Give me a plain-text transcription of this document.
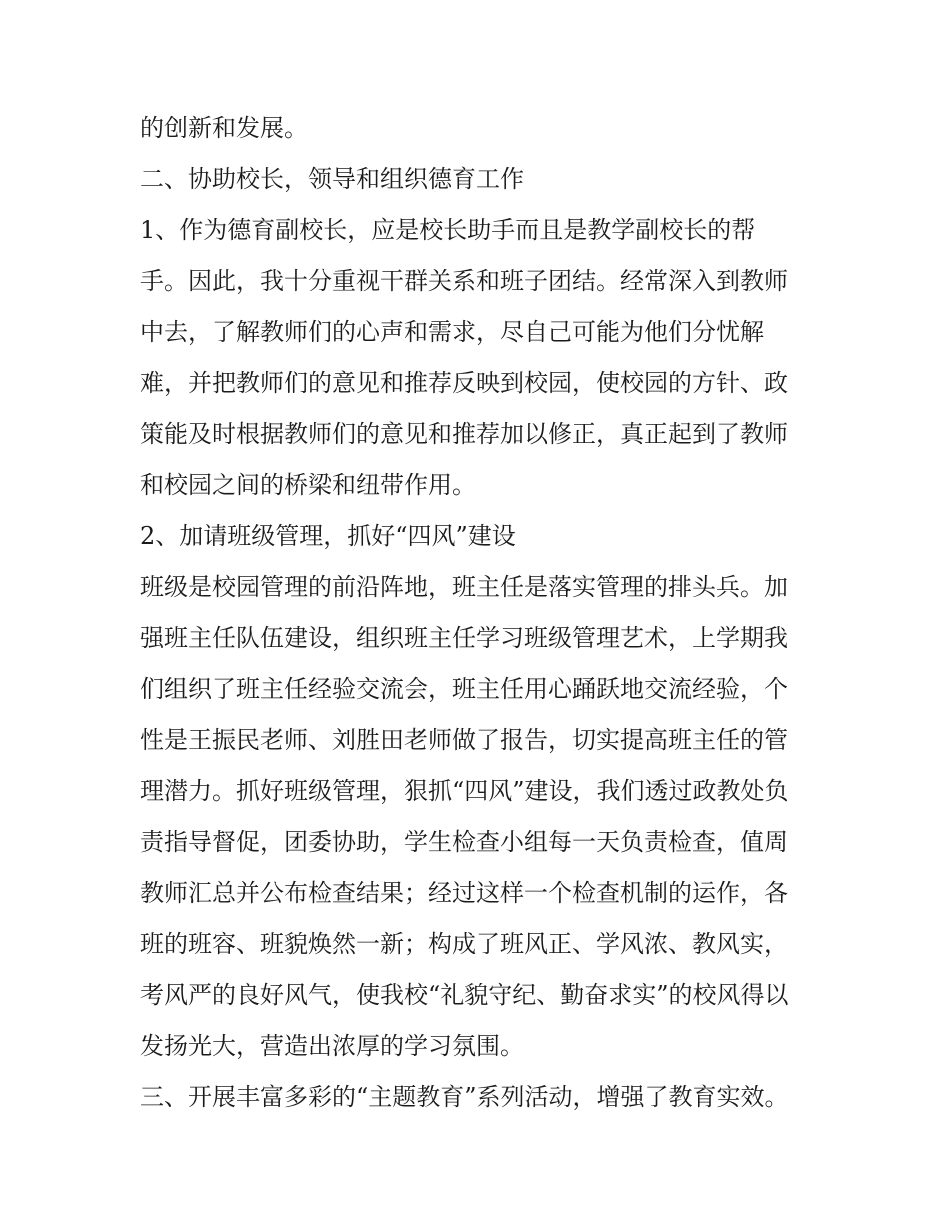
的创新和发展。
二、协助校长，领导和组织德育工作
1、作为德育副校长，应是校长助手而且是教学副校长的帮
手。因此，我十分重视干群关系和班子团结。经常深入到教师
中去，了解教师们的心声和需求，尽自己可能为他们分忧解
难，并把教师们的意见和推荐反映到校园，使校园的方针、政
策能及时根据教师们的意见和推荐加以修正，真正起到了教师
和校园之间的桥梁和纽带作用。
2、加请班级管理，抓好“四风”建设
班级是校园管理的前沿阵地，班主任是落实管理的排头兵。加
强班主任队伍建设，组织班主任学习班级管理艺术，上学期我
们组织了班主任经验交流会，班主任用心踊跃地交流经验，个
性是王振民老师、刘胜田老师做了报告，切实提高班主任的管
理潜力。抓好班级管理，狠抓“四风”建设，我们透过政教处负
责指导督促，团委协助，学生检查小组每一天负责检查，值周
教师汇总并公布检查结果；经过这样一个检查机制的运作，各
班的班容、班貌焕然一新；构成了班风正、学风浓、教风实，
考风严的良好风气，使我校“礼貌守纪、勤奋求实”的校风得以
发扬光大，营造出浓厚的学习氛围。
三、开展丰富多彩的“主题教育”系列活动，增强了教育实效。
